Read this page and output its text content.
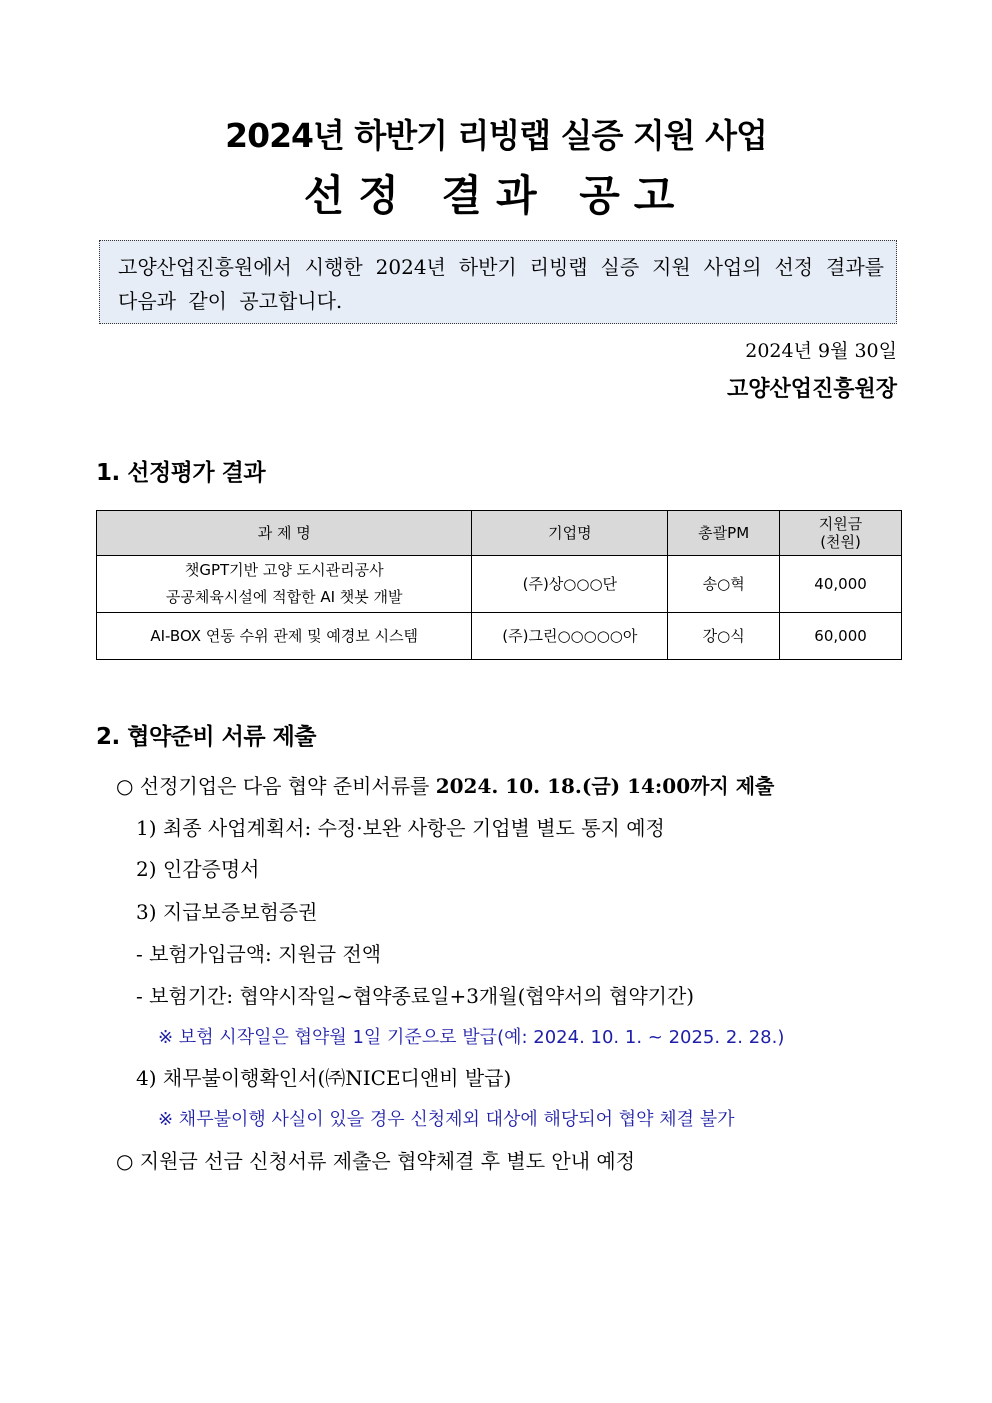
2024년 하반기 리빙랩 실증 지원 사업
선정 결과 공고
고양산업진흥원에서 시행한 2024년 하반기 리빙랩 실증 지원 사업의 선정 결과를 다음과 같이 공고합니다.
2024년 9월 30일
고양산업진흥원장
1. 선정평가 결과
과 제 명	기업명	총괄PM	지원금
(천원)

챗GPT기반 고양 도시관리공사
공공체육시설에 적합한 AI 챗봇 개발	(주)상○○○단	송○혁	40,000
AI-BOX 연동 수위 관제 및 예경보 시스템	(주)그린○○○○○아	강○식	60,000
2. 협약준비 서류 제출
○ 선정기업은 다음 협약 준비서류를 2024. 10. 18.(금) 14:00까지 제출
1) 최종 사업계획서: 수정·보완 사항은 기업별 별도 통지 예정
2) 인감증명서
3) 지급보증보험증권
- 보험가입금액: 지원금 전액
- 보험기간: 협약시작일~협약종료일+3개월(협약서의 협약기간)
※ 보험 시작일은 협약월 1일 기준으로 발급(예: 2024. 10. 1. ~ 2025. 2. 28.)
4) 채무불이행확인서(㈜NICE디앤비 발급)
※ 채무불이행 사실이 있을 경우 신청제외 대상에 해당되어 협약 체결 불가
○ 지원금 선금 신청서류 제출은 협약체결 후 별도 안내 예정
